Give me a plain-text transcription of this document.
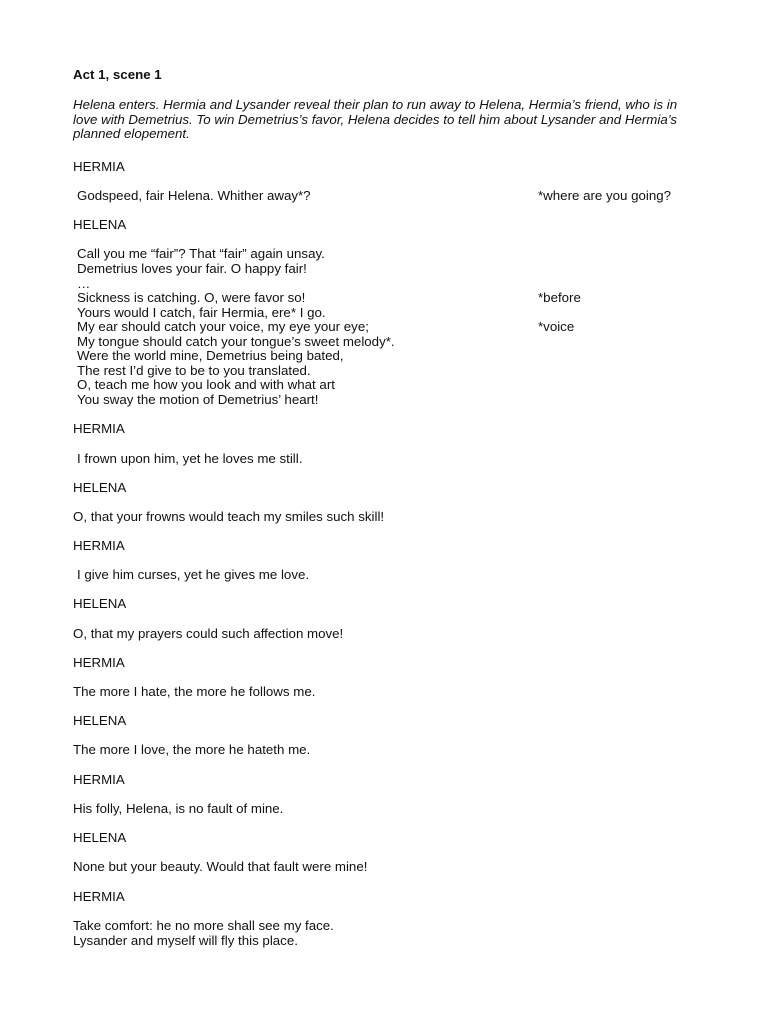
Act 1, scene 1
Helena enters. Hermia and Lysander reveal their plan to run away to Helena, Hermia’s friend, who is in love with Demetrius. To win Demetrius’s favor, Helena decides to tell him about Lysander and Hermia’s planned elopement.
HERMIA
Godspeed, fair Helena. Whither away*?	*where are you going?
HELENA
Call you me “fair”? That “fair” again unsay.
Demetrius loves your fair. O happy fair!
…
Sickness is catching. O, were favor so!	*before
Yours would I catch, fair Hermia, ere* I go.
My ear should catch your voice, my eye your eye;	*voice
My tongue should catch your tongue’s sweet melody*.
Were the world mine, Demetrius being bated,
The rest I’d give to be to you translated.
O, teach me how you look and with what art
You sway the motion of Demetrius’ heart!
HERMIA
I frown upon him, yet he loves me still.
HELENA
O, that your frowns would teach my smiles such skill!
HERMIA
I give him curses, yet he gives me love.
HELENA
O, that my prayers could such affection move!
HERMIA
The more I hate, the more he follows me.
HELENA
The more I love, the more he hateth me.
HERMIA
His folly, Helena, is no fault of mine.
HELENA
None but your beauty. Would that fault were mine!
HERMIA
Take comfort: he no more shall see my face.
Lysander and myself will fly this place.
